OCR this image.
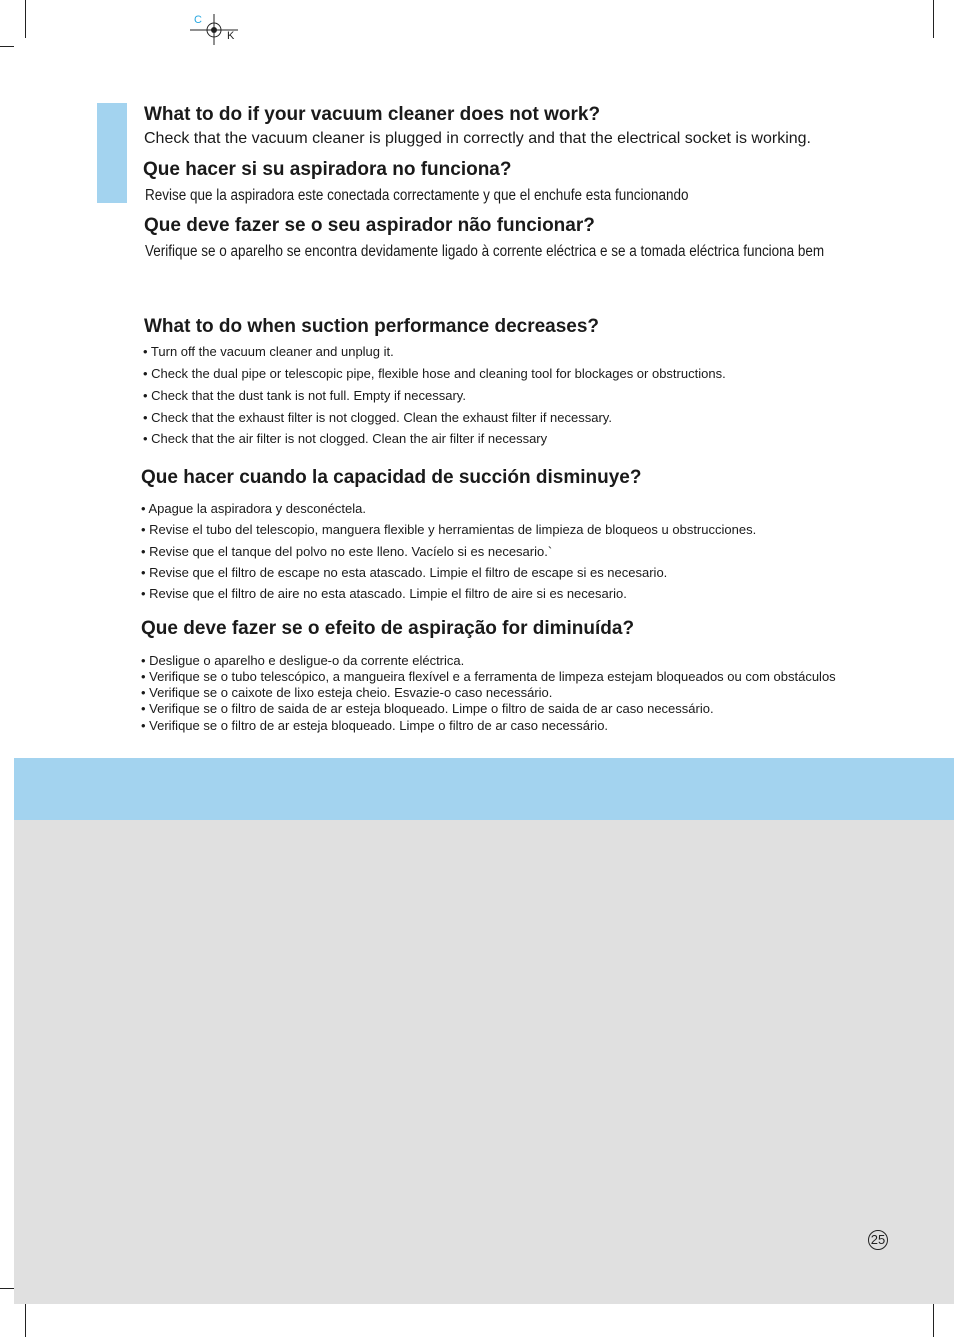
C
K
What to do if your vacuum cleaner does not work?

Check that the vacuum cleaner is plugged in correctly and that the electrical socket is working.

Que hacer si su aspiradora no funciona?

Revise que la aspiradora este conectada correctamente y que el enchufe esta funcionando

Que deve fazer se o seu aspirador não funcionar?

Verifique se o aparelho se encontra devidamente ligado à corrente eléctrica e se a tomada eléctrica funciona bem

What to do when suction performance decreases?

• Turn off the vacuum cleaner and unplug it.

• Check the dual pipe or telescopic pipe, flexible hose and cleaning tool for blockages or obstructions.

• Check that the dust tank is not full. Empty if necessary.

• Check that the exhaust filter is not clogged. Clean the exhaust filter if necessary.

• Check that the air filter is not clogged. Clean the air filter if necessary

Que hacer cuando la capacidad de succión disminuye?

• Apague la aspiradora y desconéctela.

• Revise el tubo del telescopio, manguera flexible y herramientas de limpieza de bloqueos u obstrucciones.

• Revise que el tanque del polvo no este lleno. Vacíelo si es necesario.`

• Revise que el filtro de escape no esta atascado. Limpie el filtro de escape si es necesario.

• Revise que el filtro de aire no esta atascado. Limpie el filtro de aire si es necesario.

Que deve fazer se o efeito de aspiração for diminuída?

• Desligue o aparelho e desligue-o da corrente eléctrica.

• Verifique se o tubo telescópico, a mangueira flexível e a ferramenta de limpeza estejam bloqueados ou com obstáculos

• Verifique se o caixote de lixo esteja cheio. Esvazie-o caso necessário.

• Verifique se o filtro de saida de ar esteja bloqueado. Limpe o filtro de saida de ar caso necessário.

• Verifique se o filtro de ar esteja bloqueado. Limpe o filtro de ar caso necessário.

25
